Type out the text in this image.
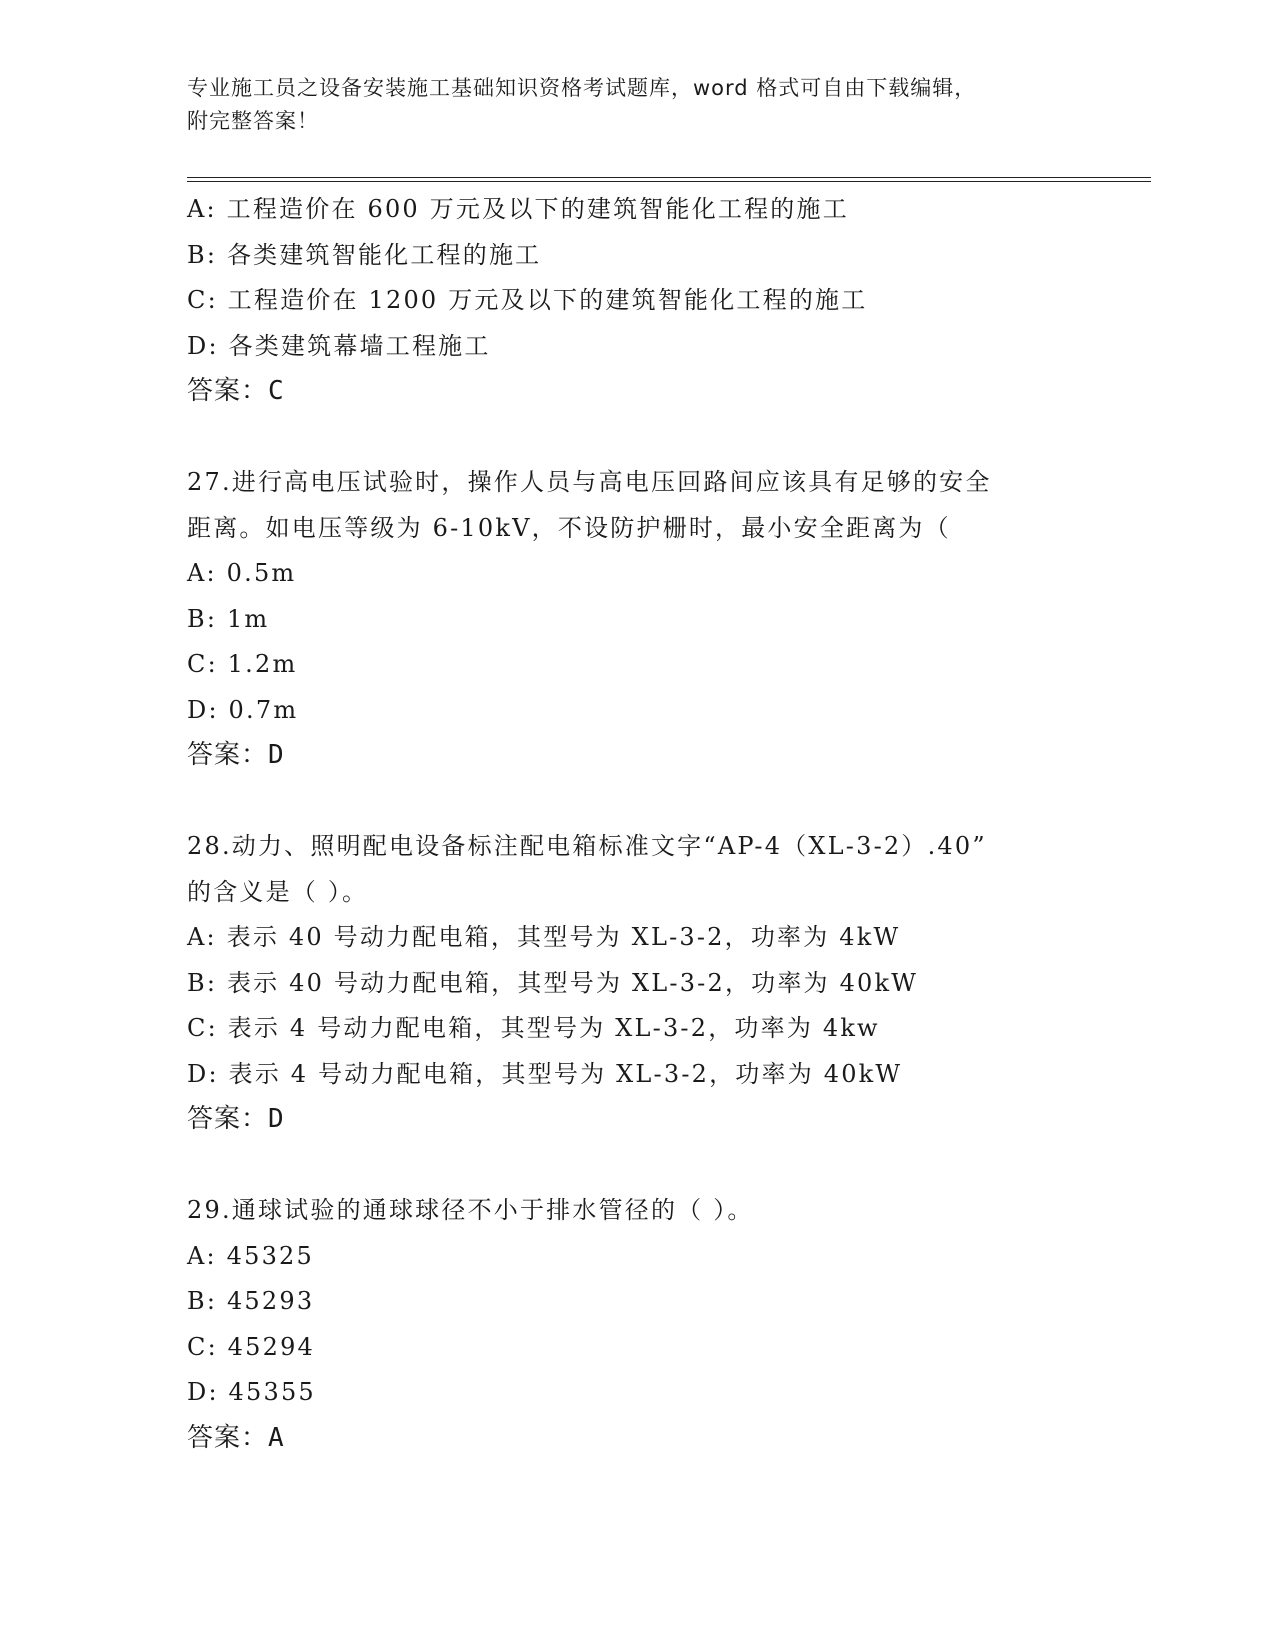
专业施工员之设备安装施工基础知识资格考试题库，word 格式可自由下载编辑，
附完整答案！
A: 工程造价在 600 万元及以下的建筑智能化工程的施工
B: 各类建筑智能化工程的施工
C: 工程造价在 1200 万元及以下的建筑智能化工程的施工
D: 各类建筑幕墙工程施工
答案：C
27.进行高电压试验时，操作人员与高电压回路间应该具有足够的安全
距离。如电压等级为 6-10kV，不设防护栅时，最小安全距离为（
A: 0.5m
B: 1m
C: 1.2m
D: 0.7m
答案：D
28.动力、照明配电设备标注配电箱标准文字“AP-4（XL-3-2）.40”
的含义是（ ）。
A: 表示 40 号动力配电箱，其型号为 XL-3-2，功率为 4kW
B: 表示 40 号动力配电箱，其型号为 XL-3-2，功率为 40kW
C: 表示 4 号动力配电箱，其型号为 XL-3-2，功率为 4kw
D: 表示 4 号动力配电箱，其型号为 XL-3-2，功率为 40kW
答案：D
29.通球试验的通球球径不小于排水管径的（ ）。
A: 45325
B: 45293
C: 45294
D: 45355
答案：A
